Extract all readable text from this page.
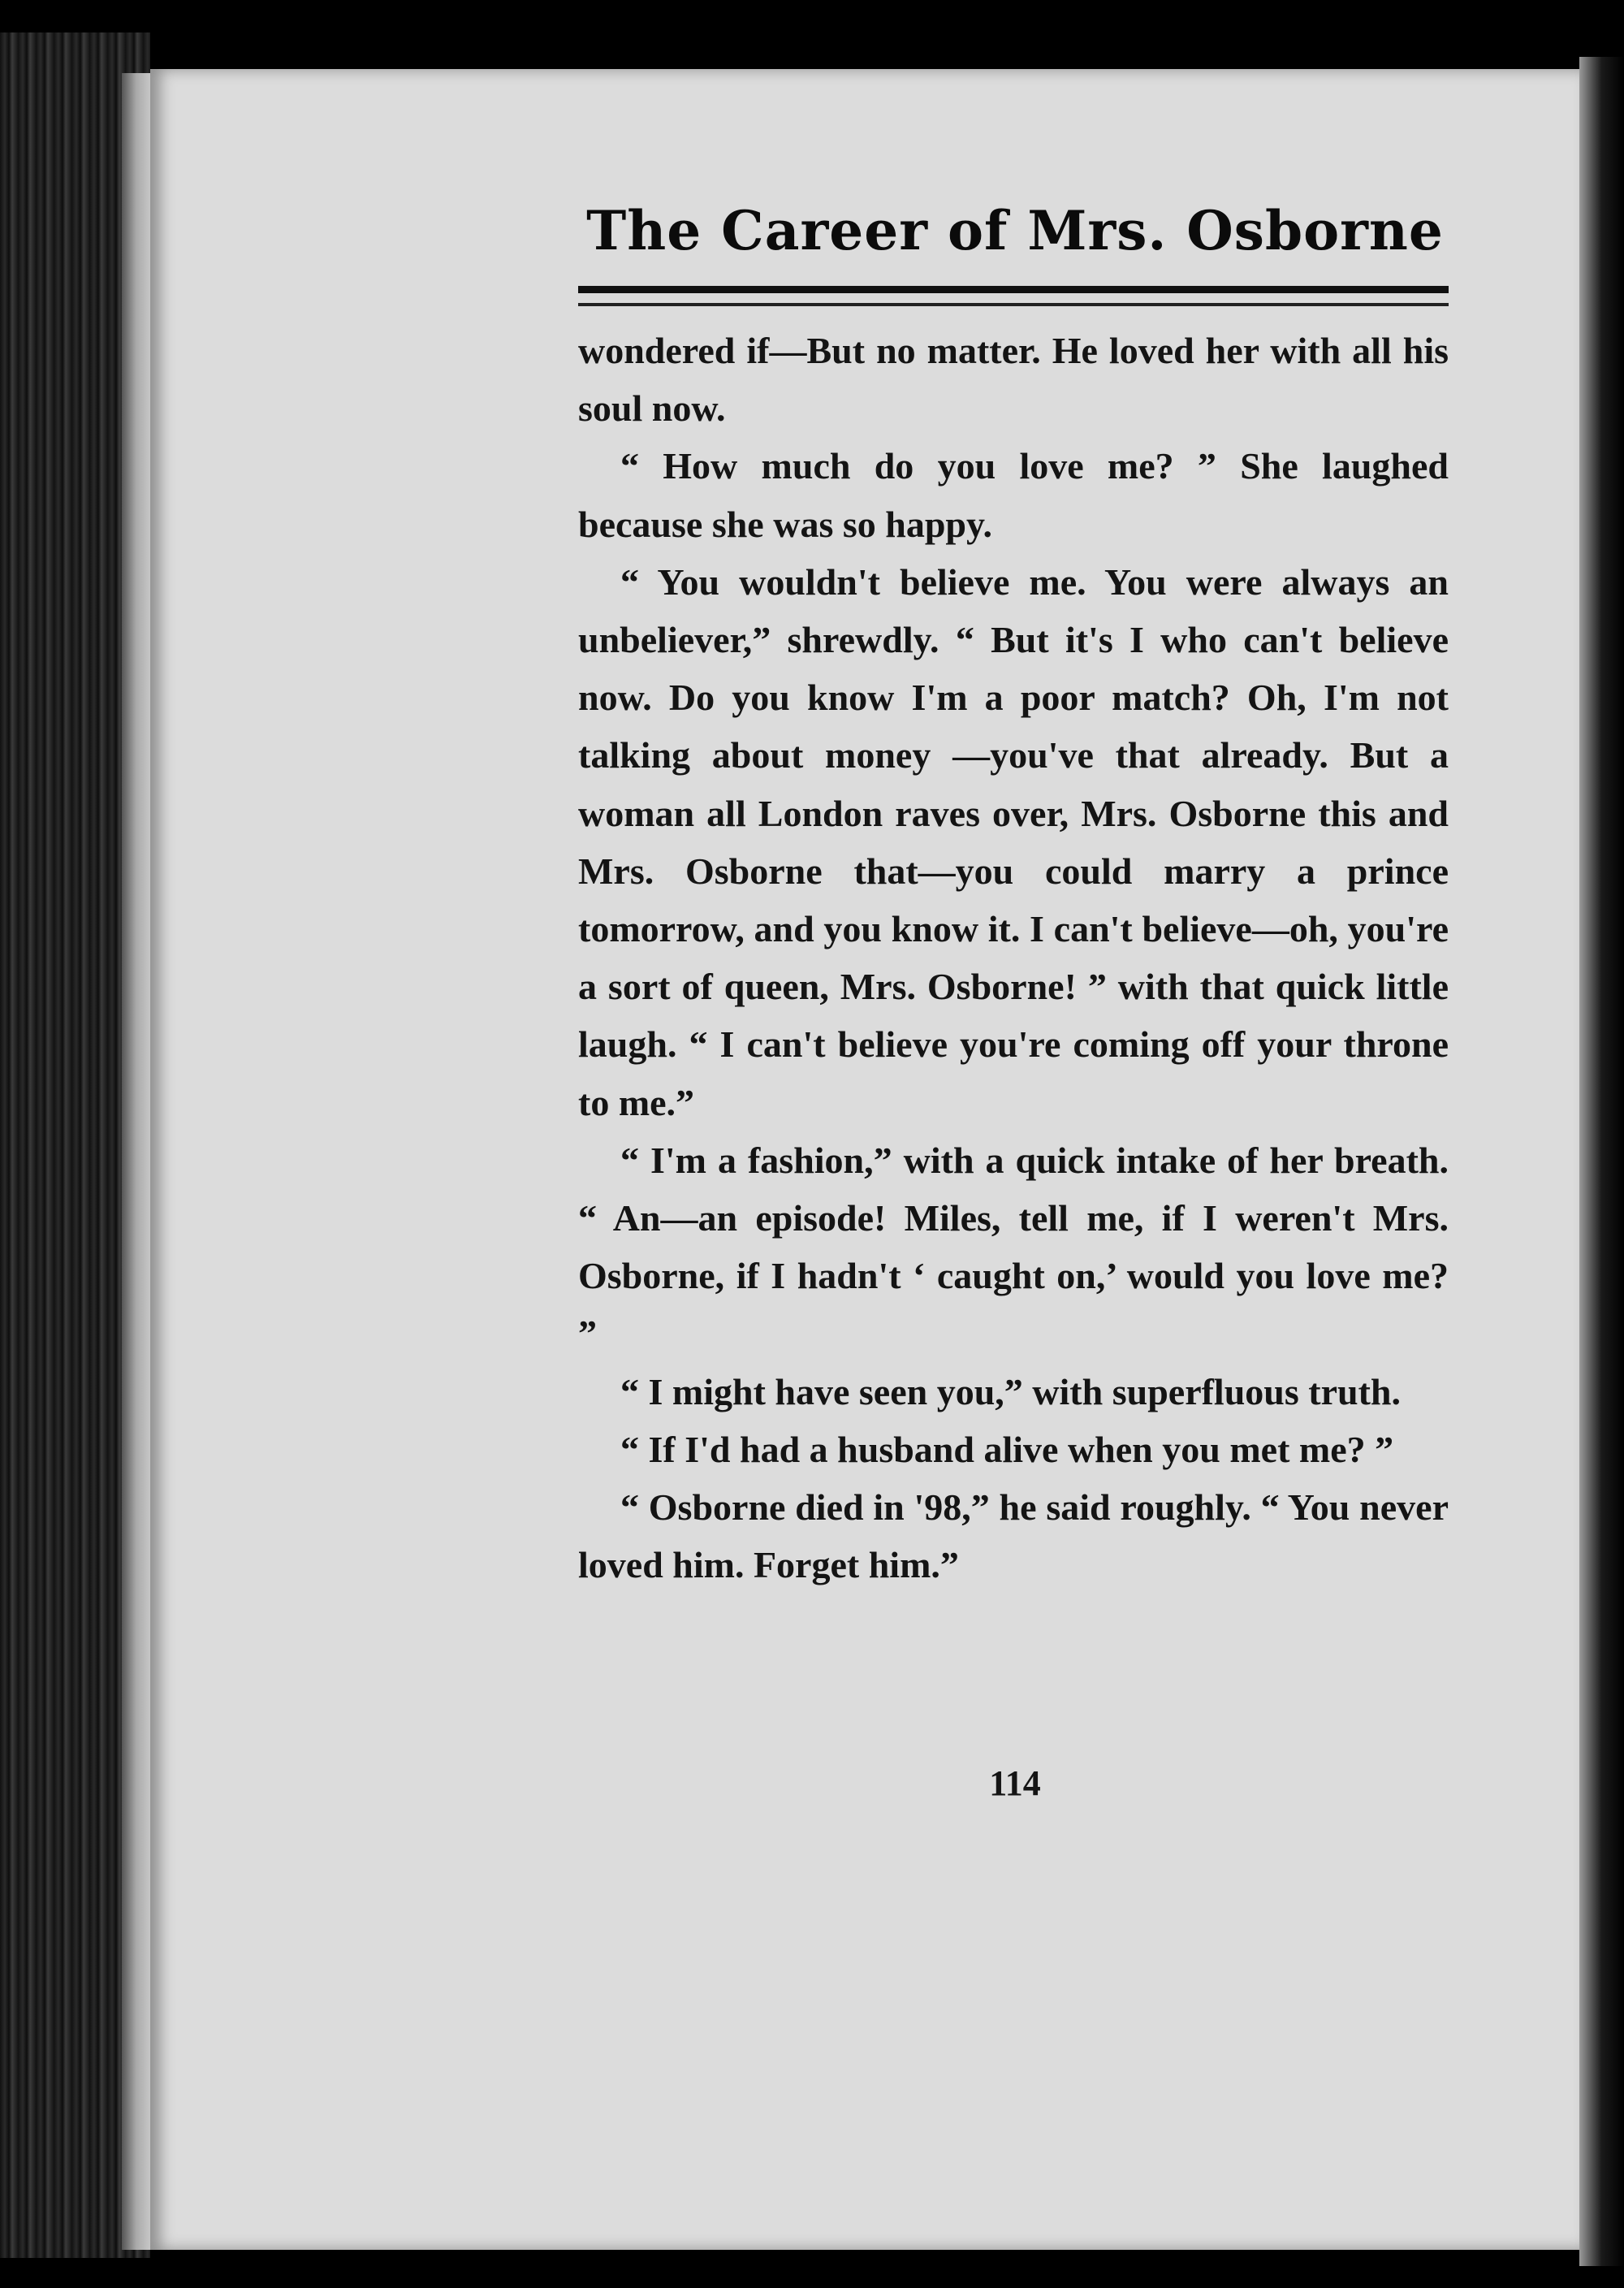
The Career of Mrs. Osborne

wondered if—But no matter. He loved her with all his soul now.

“ How much do you love me? ” She laughed because she was so happy.

“ You wouldn't believe me. You were always an unbeliever,” shrewdly. “ But it's I who can't believe now. Do you know I'm a poor match? Oh, I'm not talking about money —you've that already. But a woman all London raves over, Mrs. Osborne this and Mrs. Osborne that—you could marry a prince tomorrow, and you know it. I can't believe—oh, you're a sort of queen, Mrs. Osborne! ” with that quick little laugh. “ I can't believe you're coming off your throne to me.”

“ I'm a fashion,” with a quick intake of her breath. “ An—an episode! Miles, tell me, if I weren't Mrs. Osborne, if I hadn't ‘ caught on,’ would you love me? ”

“ I might have seen you,” with superfluous truth.

“ If I'd had a husband alive when you met me? ”

“ Osborne died in '98,” he said roughly. “ You never loved him. Forget him.”

114
